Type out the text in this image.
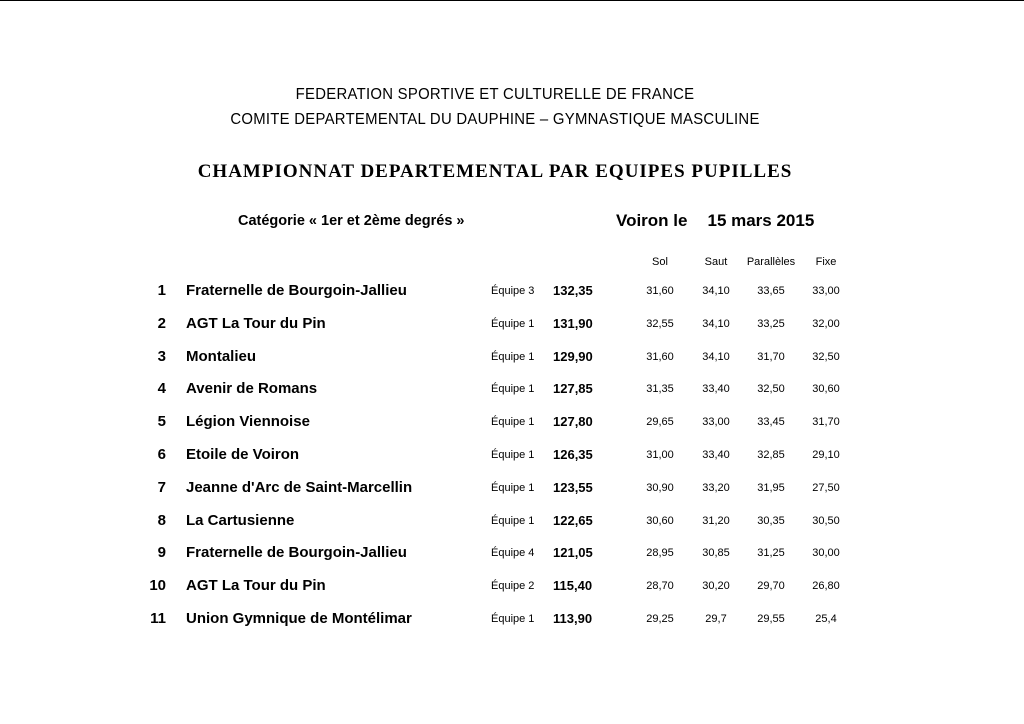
FEDERATION SPORTIVE ET CULTURELLE DE FRANCE
COMITE DEPARTEMENTAL DU DAUPHINE – GYMNASTIQUE MASCULINE
CHAMPIONNAT DEPARTEMENTAL PAR EQUIPES PUPILLES
Catégorie « 1er et 2ème degrés »	Voiron le 15 mars 2015
Sol	Saut	Parallèles	Fixe
1 Fraternelle de Bourgoin-Jallieu	Équipe 3 132,35	31,60	34,10	33,65	33,00
2 AGT La Tour du Pin	Équipe 1 131,90	32,55	34,10	33,25	32,00
3 Montalieu	Équipe 1 129,90	31,60	34,10	31,70	32,50
4 Avenir de Romans	Équipe 1 127,85	31,35	33,40	32,50	30,60
5 Légion Viennoise	Équipe 1 127,80	29,65	33,00	33,45	31,70
6 Etoile de Voiron	Équipe 1 126,35	31,00	33,40	32,85	29,10
7 Jeanne d'Arc de Saint-Marcellin	Équipe 1 123,55	30,90	33,20	31,95	27,50
8 La Cartusienne	Équipe 1 122,65	30,60	31,20	30,35	30,50
9 Fraternelle de Bourgoin-Jallieu	Équipe 4 121,05	28,95	30,85	31,25	30,00
10 AGT La Tour du Pin	Équipe 2 115,40	28,70	30,20	29,70	26,80
11 Union Gymnique de Montélimar	Équipe 1 113,90	29,25	29,7	29,55	25,4
